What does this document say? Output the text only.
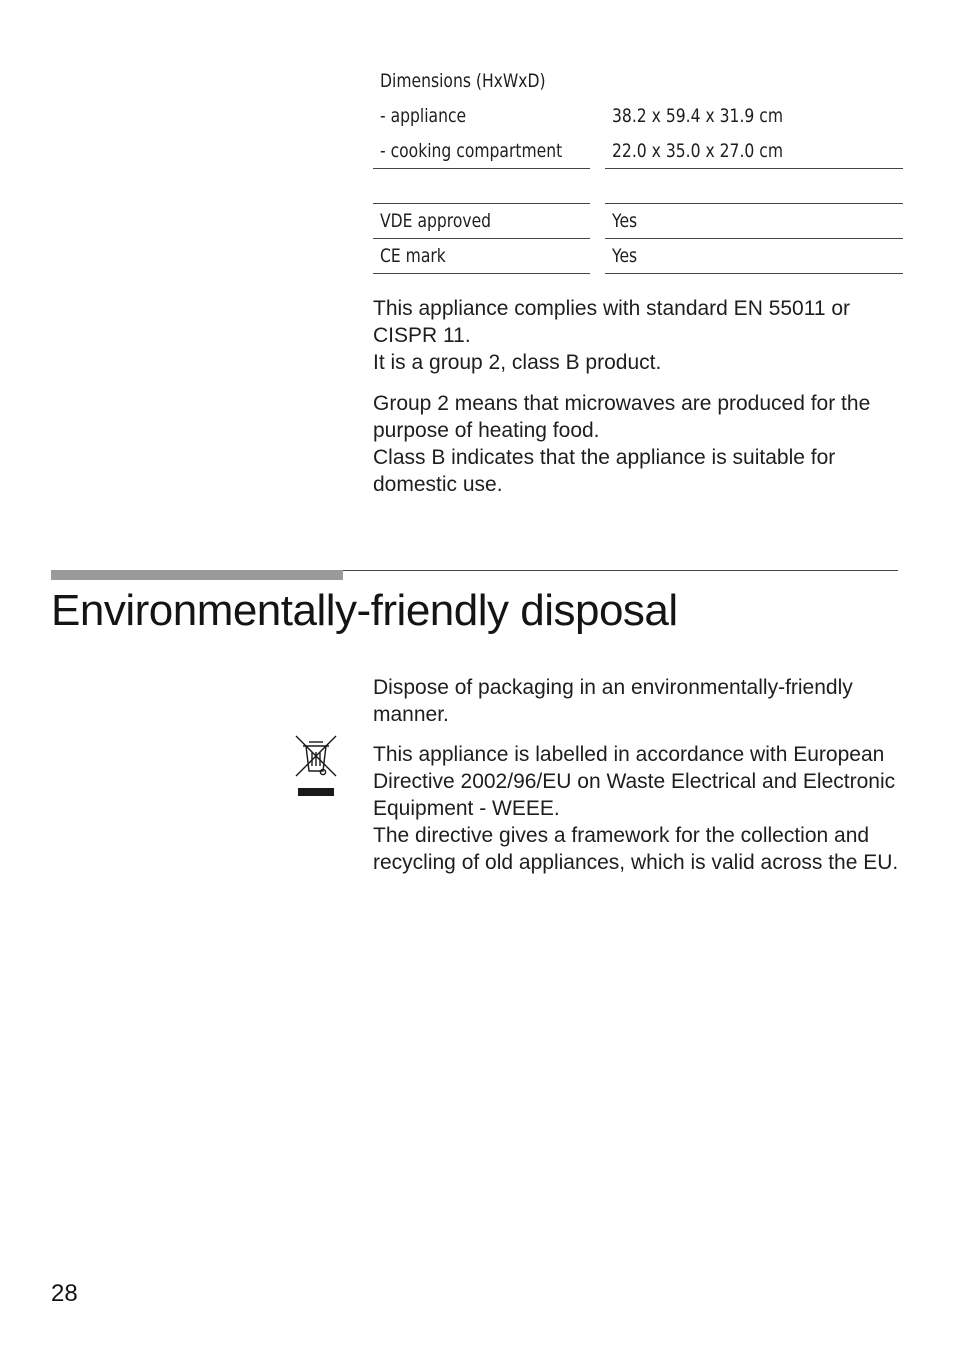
Dimensions (HxWxD)
- appliance	38.2 x 59.4 x 31.9 cm
- cooking compartment	22.0 x 35.0 x 27.0 cm
VDE approved	Yes
CE mark	Yes

This appliance complies with standard EN 55011 or CISPR 11.
It is a group 2, class B product.

Group 2 means that microwaves are produced for the purpose of heating food.
Class B indicates that the appliance is suitable for domestic use.

Environmentally-friendly disposal

Dispose of packaging in an environmentally-friendly manner.

This appliance is labelled in accordance with European Directive 2002/96/EU on Waste Electrical and Electronic Equipment - WEEE.
The directive gives a framework for the collection and recycling of old appliances, which is valid across the EU.

28
